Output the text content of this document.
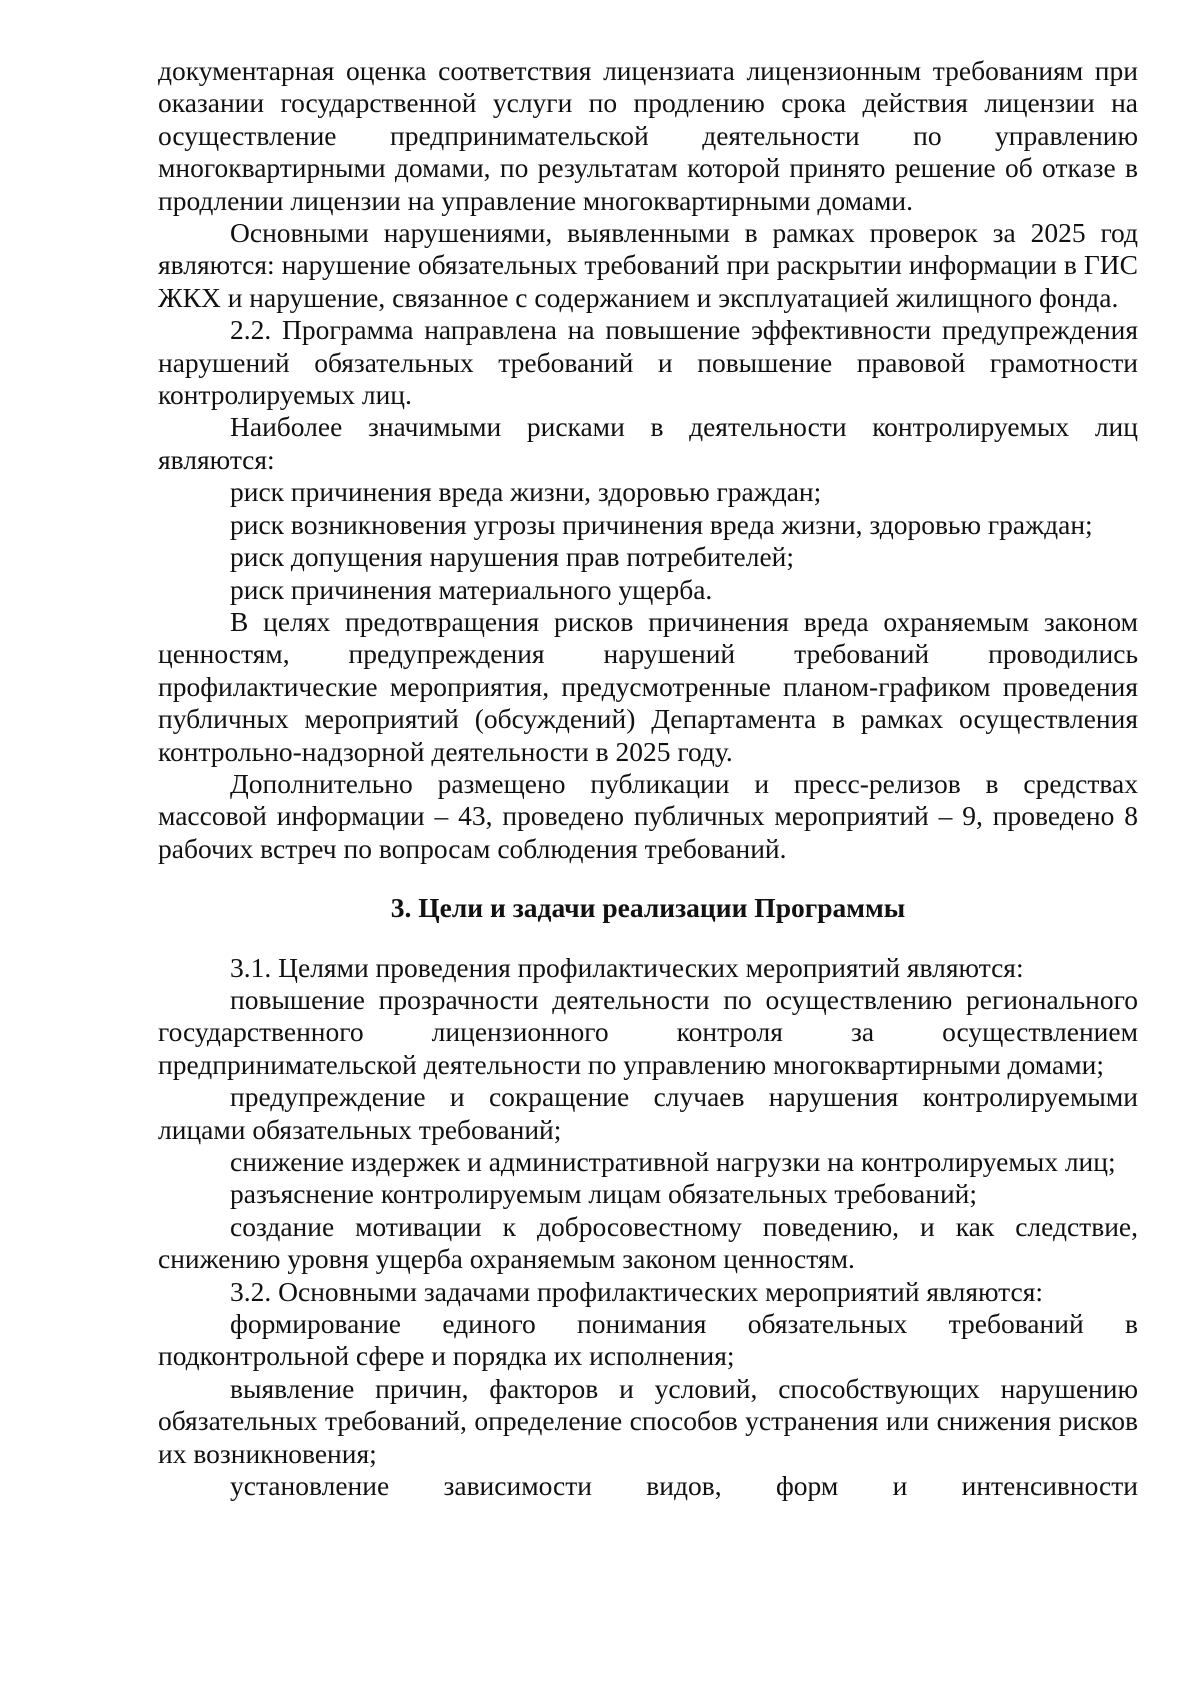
документарная оценка соответствия лицензиата лицензионным требованиям при оказании государственной услуги по продлению срока действия лицензии на осуществление предпринимательской деятельности по управлению многоквартирными домами, по результатам которой принято решение об отказе в продлении лицензии на управление многоквартирными домами.

Основными нарушениями, выявленными в рамках проверок за 2025 год являются: нарушение обязательных требований при раскрытии информации в ГИС ЖКХ и нарушение, связанное с содержанием и эксплуатацией жилищного фонда.

2.2. Программа направлена на повышение эффективности предупреждения нарушений обязательных требований и повышение правовой грамотности контролируемых лиц.

Наиболее значимыми рисками в деятельности контролируемых лиц являются:

риск причинения вреда жизни, здоровью граждан;

риск возникновения угрозы причинения вреда жизни, здоровью граждан;

риск допущения нарушения прав потребителей;

риск причинения материального ущерба.

В целях предотвращения рисков причинения вреда охраняемым законом ценностям, предупреждения нарушений требований проводились профилактические мероприятия, предусмотренные планом-графиком проведения публичных мероприятий (обсуждений) Департамента в рамках осуществления контрольно-надзорной деятельности в 2025 году.

Дополнительно размещено публикации и пресс-релизов в средствах массовой информации – 43, проведено публичных мероприятий – 9, проведено 8 рабочих встреч по вопросам соблюдения требований.

3. Цели и задачи реализации Программы

3.1. Целями проведения профилактических мероприятий являются:

повышение прозрачности деятельности по осуществлению регионального государственного лицензионного контроля за осуществлением предпринимательской деятельности по управлению многоквартирными домами;

предупреждение и сокращение случаев нарушения контролируемыми лицами обязательных требований;

снижение издержек и административной нагрузки на контролируемых лиц;

разъяснение контролируемым лицам обязательных требований;

создание мотивации к добросовестному поведению, и как следствие, снижению уровня ущерба охраняемым законом ценностям.

3.2. Основными задачами профилактических мероприятий являются:

формирование единого понимания обязательных требований в подконтрольной сфере и порядка их исполнения;

выявление причин, факторов и условий, способствующих нарушению обязательных требований, определение способов устранения или снижения рисков их возникновения;

установление зависимости видов, форм и интенсивности
